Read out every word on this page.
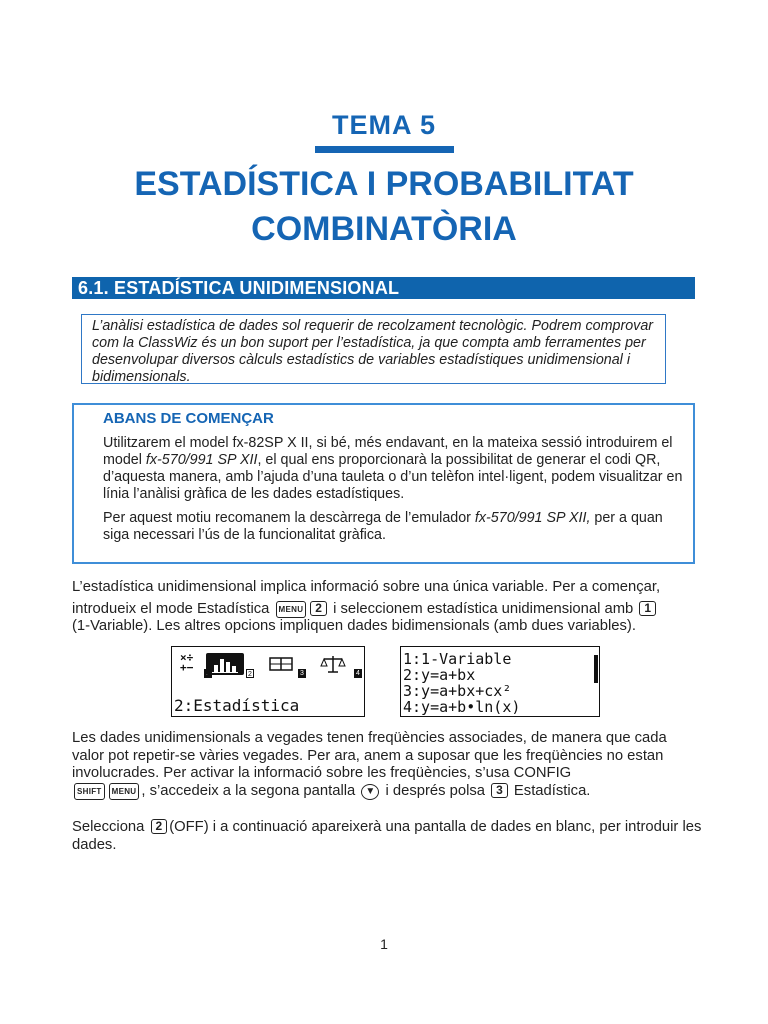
TEMA 5
ESTADÍSTICA I PROBABILITAT
COMBINATÒRIA
6.1. ESTADÍSTICA UNIDIMENSIONAL

L’anàlisi estadística de dades sol requerir de recolzament tecnològic. Podrem comprovar com la ClassWiz és un bon suport per l’estadística, ja que compta amb ferramentes per desenvolupar diversos càlculs estadístics de variables estadístiques unidimensional i bidimensionals.

ABANS DE COMENÇAR
Utilitzarem el model fx-82SP X II, si bé, més endavant, en la mateixa sessió introduirem el model fx-570/991 SP XII, el qual ens proporcionarà la possibilitat de generar el codi QR, d’aquesta manera, amb l’ajuda d’una tauleta o d’un telèfon intel·ligent, podem visualitzar en línia l’anàlisi gràfica de les dades estadístiques.
Per aquest motiu recomanem la descàrrega de l’emulador fx-570/991 SP XII, per a quan siga necessari l’ús de la funcionalitat gràfica.
L’estadística unidimensional implica informació sobre una única variable. Per a començar,
introdueix el mode Estadística MENU 2 i seleccionem estadística unidimensional amb 1
(1-Variable). Les altres opcions impliquen dades bidimensionals (amb dues variables).
×÷
+−
2	3	4
2:Estadística
1:1-Variable
2:y=a+bx
3:y=a+bx+cx²
4:y=a+b•ln(x)
Les dades unidimensionals a vegades tenen freqüències associades, de manera que cada valor pot repetir-se vàries vegades. Per ara, anem a suposar que les freqüències no estan involucrades. Per activar la informació sobre les freqüències, s’usa CONFIG
SHIFT MENU , s’accedeix a la segona pantalla ▼ i després polsa 3 Estadística.
Selecciona 2 (OFF) i a continuació apareixerà una pantalla de dades en blanc, per introduir les dades.
1
